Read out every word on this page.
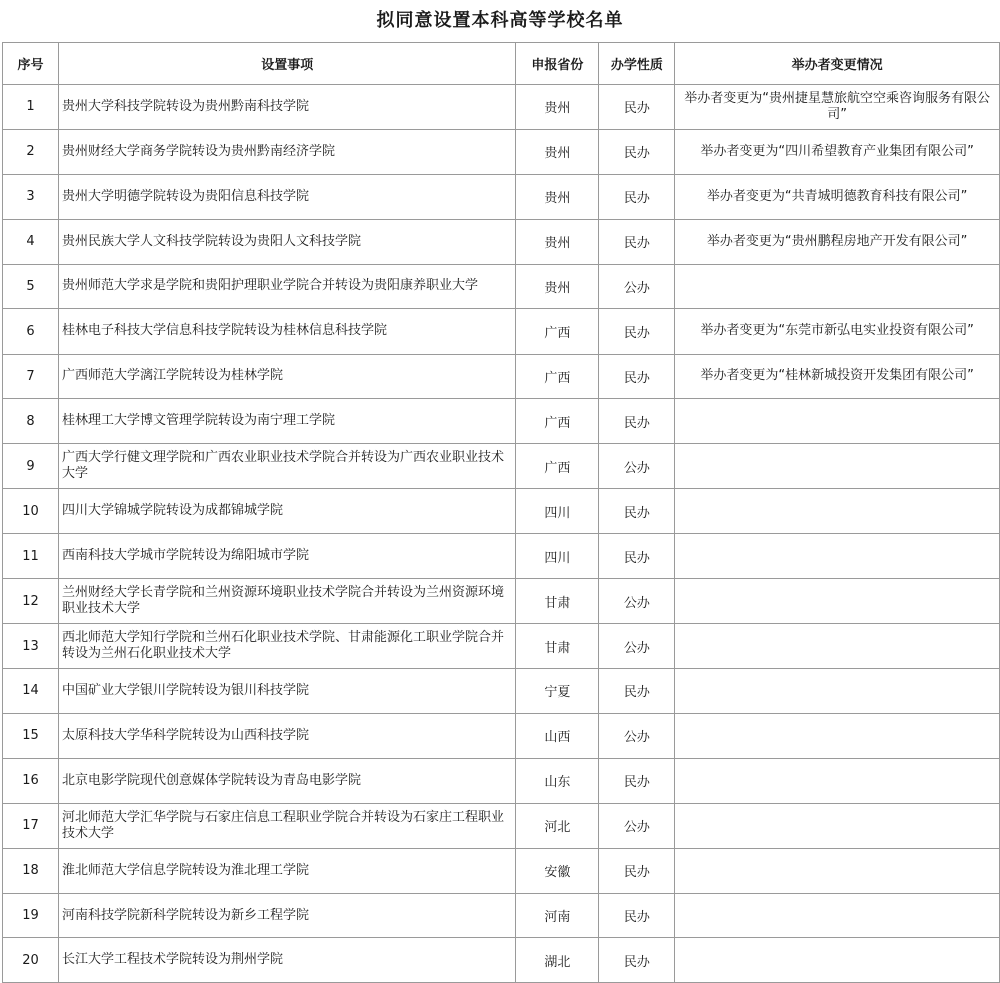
拟同意设置本科高等学校名单
序号	设置事项	申报省份	办学性质	举办者变更情况
1	贵州大学科技学院转设为贵州黔南科技学院	贵州	民办	举办者变更为“贵州捷星慧旅航空空乘咨询服务有限公司”
2	贵州财经大学商务学院转设为贵州黔南经济学院	贵州	民办	举办者变更为“四川希望教育产业集团有限公司”
3	贵州大学明德学院转设为贵阳信息科技学院	贵州	民办	举办者变更为“共青城明德教育科技有限公司”
4	贵州民族大学人文科技学院转设为贵阳人文科技学院	贵州	民办	举办者变更为“贵州鹏程房地产开发有限公司”
5	贵州师范大学求是学院和贵阳护理职业学院合并转设为贵阳康养职业大学	贵州	公办	
6	桂林电子科技大学信息科技学院转设为桂林信息科技学院	广西	民办	举办者变更为“东莞市新弘电实业投资有限公司”
7	广西师范大学漓江学院转设为桂林学院	广西	民办	举办者变更为“桂林新城投资开发集团有限公司”
8	桂林理工大学博文管理学院转设为南宁理工学院	广西	民办	
9	广西大学行健文理学院和广西农业职业技术学院合并转设为广西农业职业技术大学	广西	公办	
10	四川大学锦城学院转设为成都锦城学院	四川	民办	
11	西南科技大学城市学院转设为绵阳城市学院	四川	民办	
12	兰州财经大学长青学院和兰州资源环境职业技术学院合并转设为兰州资源环境职业技术大学	甘肃	公办	
13	西北师范大学知行学院和兰州石化职业技术学院、甘肃能源化工职业学院合并转设为兰州石化职业技术大学	甘肃	公办	
14	中国矿业大学银川学院转设为银川科技学院	宁夏	民办	
15	太原科技大学华科学院转设为山西科技学院	山西	公办	
16	北京电影学院现代创意媒体学院转设为青岛电影学院	山东	民办	
17	河北师范大学汇华学院与石家庄信息工程职业学院合并转设为石家庄工程职业技术大学	河北	公办	
18	淮北师范大学信息学院转设为淮北理工学院	安徽	民办	
19	河南科技学院新科学院转设为新乡工程学院	河南	民办	
20	长江大学工程技术学院转设为荆州学院	湖北	民办	
